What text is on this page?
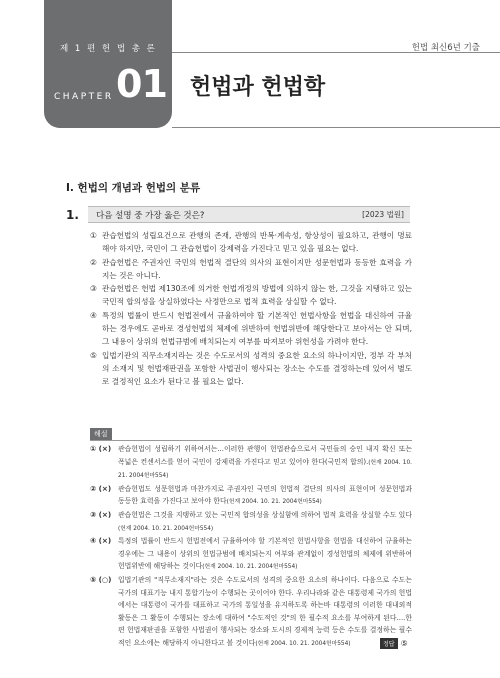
제 1 편 헌 법 총 론
CHAPTER 01
헌법 최신6년 기출
헌법과 헌법학
Ⅰ. 헌법의 개념과 헌법의 분류
1. 다음 설명 중 가장 옳은 것은?	[2023 법원]
① 관습헌법의 성립요건으로 관행의 존재, 관행의 반복·계속성, 항상성이 필요하고, 관행이 명료해야 하지만, 국민이 그 관습헌법이 강제력을 가진다고 믿고 있을 필요는 없다.
② 관습헌법은 주권자인 국민의 헌법적 결단의 의사의 표현이지만 성문헌법과 동등한 효력을 가지는 것은 아니다.
③ 관습헌법은 헌법 제130조에 의거한 헌법개정의 방법에 의하지 않는 한, 그것을 지탱하고 있는 국민적 합의성을 상실하였다는 사정만으로 법적 효력을 상실할 수 없다.
④ 특정의 법률이 반드시 헌법전에서 규율하여야 할 기본적인 헌법사항을 헌법을 대신하여 규율하는 경우에도 곧바로 경성헌법의 체제에 위반하여 헌법위반에 해당한다고 보아서는 안 되며, 그 내용이 상위의 헌법규범에 배치되는지 여부를 따져보아 위헌성을 가려야 한다.
⑤ 입법기관의 직무소재지라는 것은 수도로서의 성격의 중요한 요소의 하나이지만, 정부 각 부처의 소재지 및 헌법재판권을 포함한 사법권이 행사되는 장소는 수도를 결정하는데 있어서 별도로 결정적인 요소가 된다고 볼 필요는 없다.
해설
① (×) 관습헌법이 성립하기 위하여서는...이러한 관행이 헌법관습으로서 국민들의 승인 내지 확신 또는 폭넓은 컨센서스를 얻어 국민이 강제력을 가진다고 믿고 있어야 한다(국민적 합의).(헌재 2004. 10. 21. 2004헌마554)
② (×) 관습헌법도 성문헌법과 마찬가지로 주권자인 국민의 헌법적 결단의 의사의 표현이며 성문헌법과 동등한 효력을 가진다고 보아야 한다(헌재 2004. 10. 21. 2004헌마554)
③ (×) 관습헌법은 그것을 지탱하고 있는 국민적 합의성을 상실함에 의하여 법적 효력을 상실할 수도 있다(헌재 2004. 10. 21. 2004헌마554)
④ (×) 특정의 법률이 반드시 헌법전에서 규율하여야 할 기본적인 헌법사항을 헌법을 대신하여 규율하는 경우에는 그 내용이 상위의 헌법규범에 배치되는지 여부와 관계없이 경성헌법의 체제에 위반하여 헌법위반에 해당하는 것이다(헌재 2004. 10. 21. 2004헌마554)
⑤ (○) 입법기관의 "직무소재지"라는 것은 수도로서의 성격의 중요한 요소의 하나이다. 다음으로 수도는 국가의 대표기능 내지 통합기능이 수행되는 곳이어야 한다. 우리나라와 같은 대통령제 국가의 헌법에서는 대통령이 국가를 대표하고 국가의 통일성을 유지하도록 하는바 대통령의 이러한 대내외적 활동은 그 활동이 수행되는 장소에 대하여 "수도적인 것"의 한 필수적 요소를 부여하게 된다....한편 헌법재판권을 포함한 사법권이 행사되는 장소와 도시의 경제적 능력 등은 수도를 결정하는 필수적인 요소에는 해당하지 아니한다고 볼 것이다(헌재 2004. 10. 21. 2004헌마554)	정답 ⑤
